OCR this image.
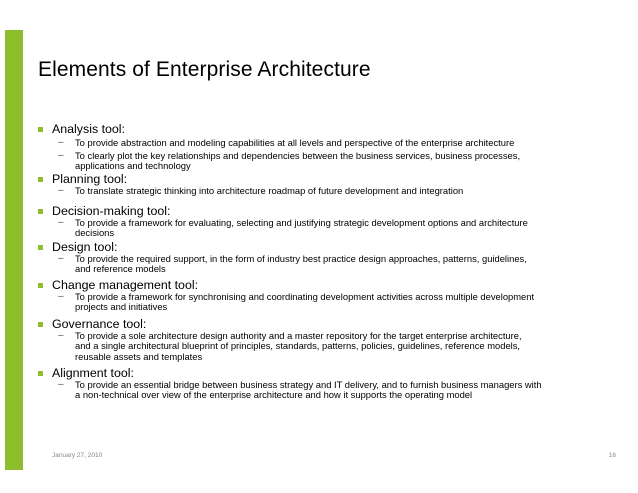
Elements of Enterprise Architecture
Analysis tool:
– To provide abstraction and modeling capabilities at all levels and perspective of the enterprise architecture
– To clearly plot the key relationships and dependencies between the business services, business processes,
applications and technology
Planning tool:
– To translate strategic thinking into architecture roadmap of future development and integration
Decision-making tool:
– To provide a framework for evaluating, selecting and justifying strategic development options and architecture
decisions
Design tool:
– To provide the required support, in the form of industry best practice design approaches, patterns, guidelines,
and reference models
Change management tool:
– To provide a framework for synchronising and coordinating development activities across multiple development
projects and initiatives
Governance tool:
– To provide a sole architecture design authority and a master repository for the target enterprise architecture,
and a single architectural blueprint of principles, standards, patterns, policies, guidelines, reference models,
reusable assets and templates
Alignment tool:
– To provide an essential bridge between business strategy and IT delivery, and to furnish business managers with
a non-technical over view of the enterprise architecture and how it supports the operating model
January 27, 2010	16
